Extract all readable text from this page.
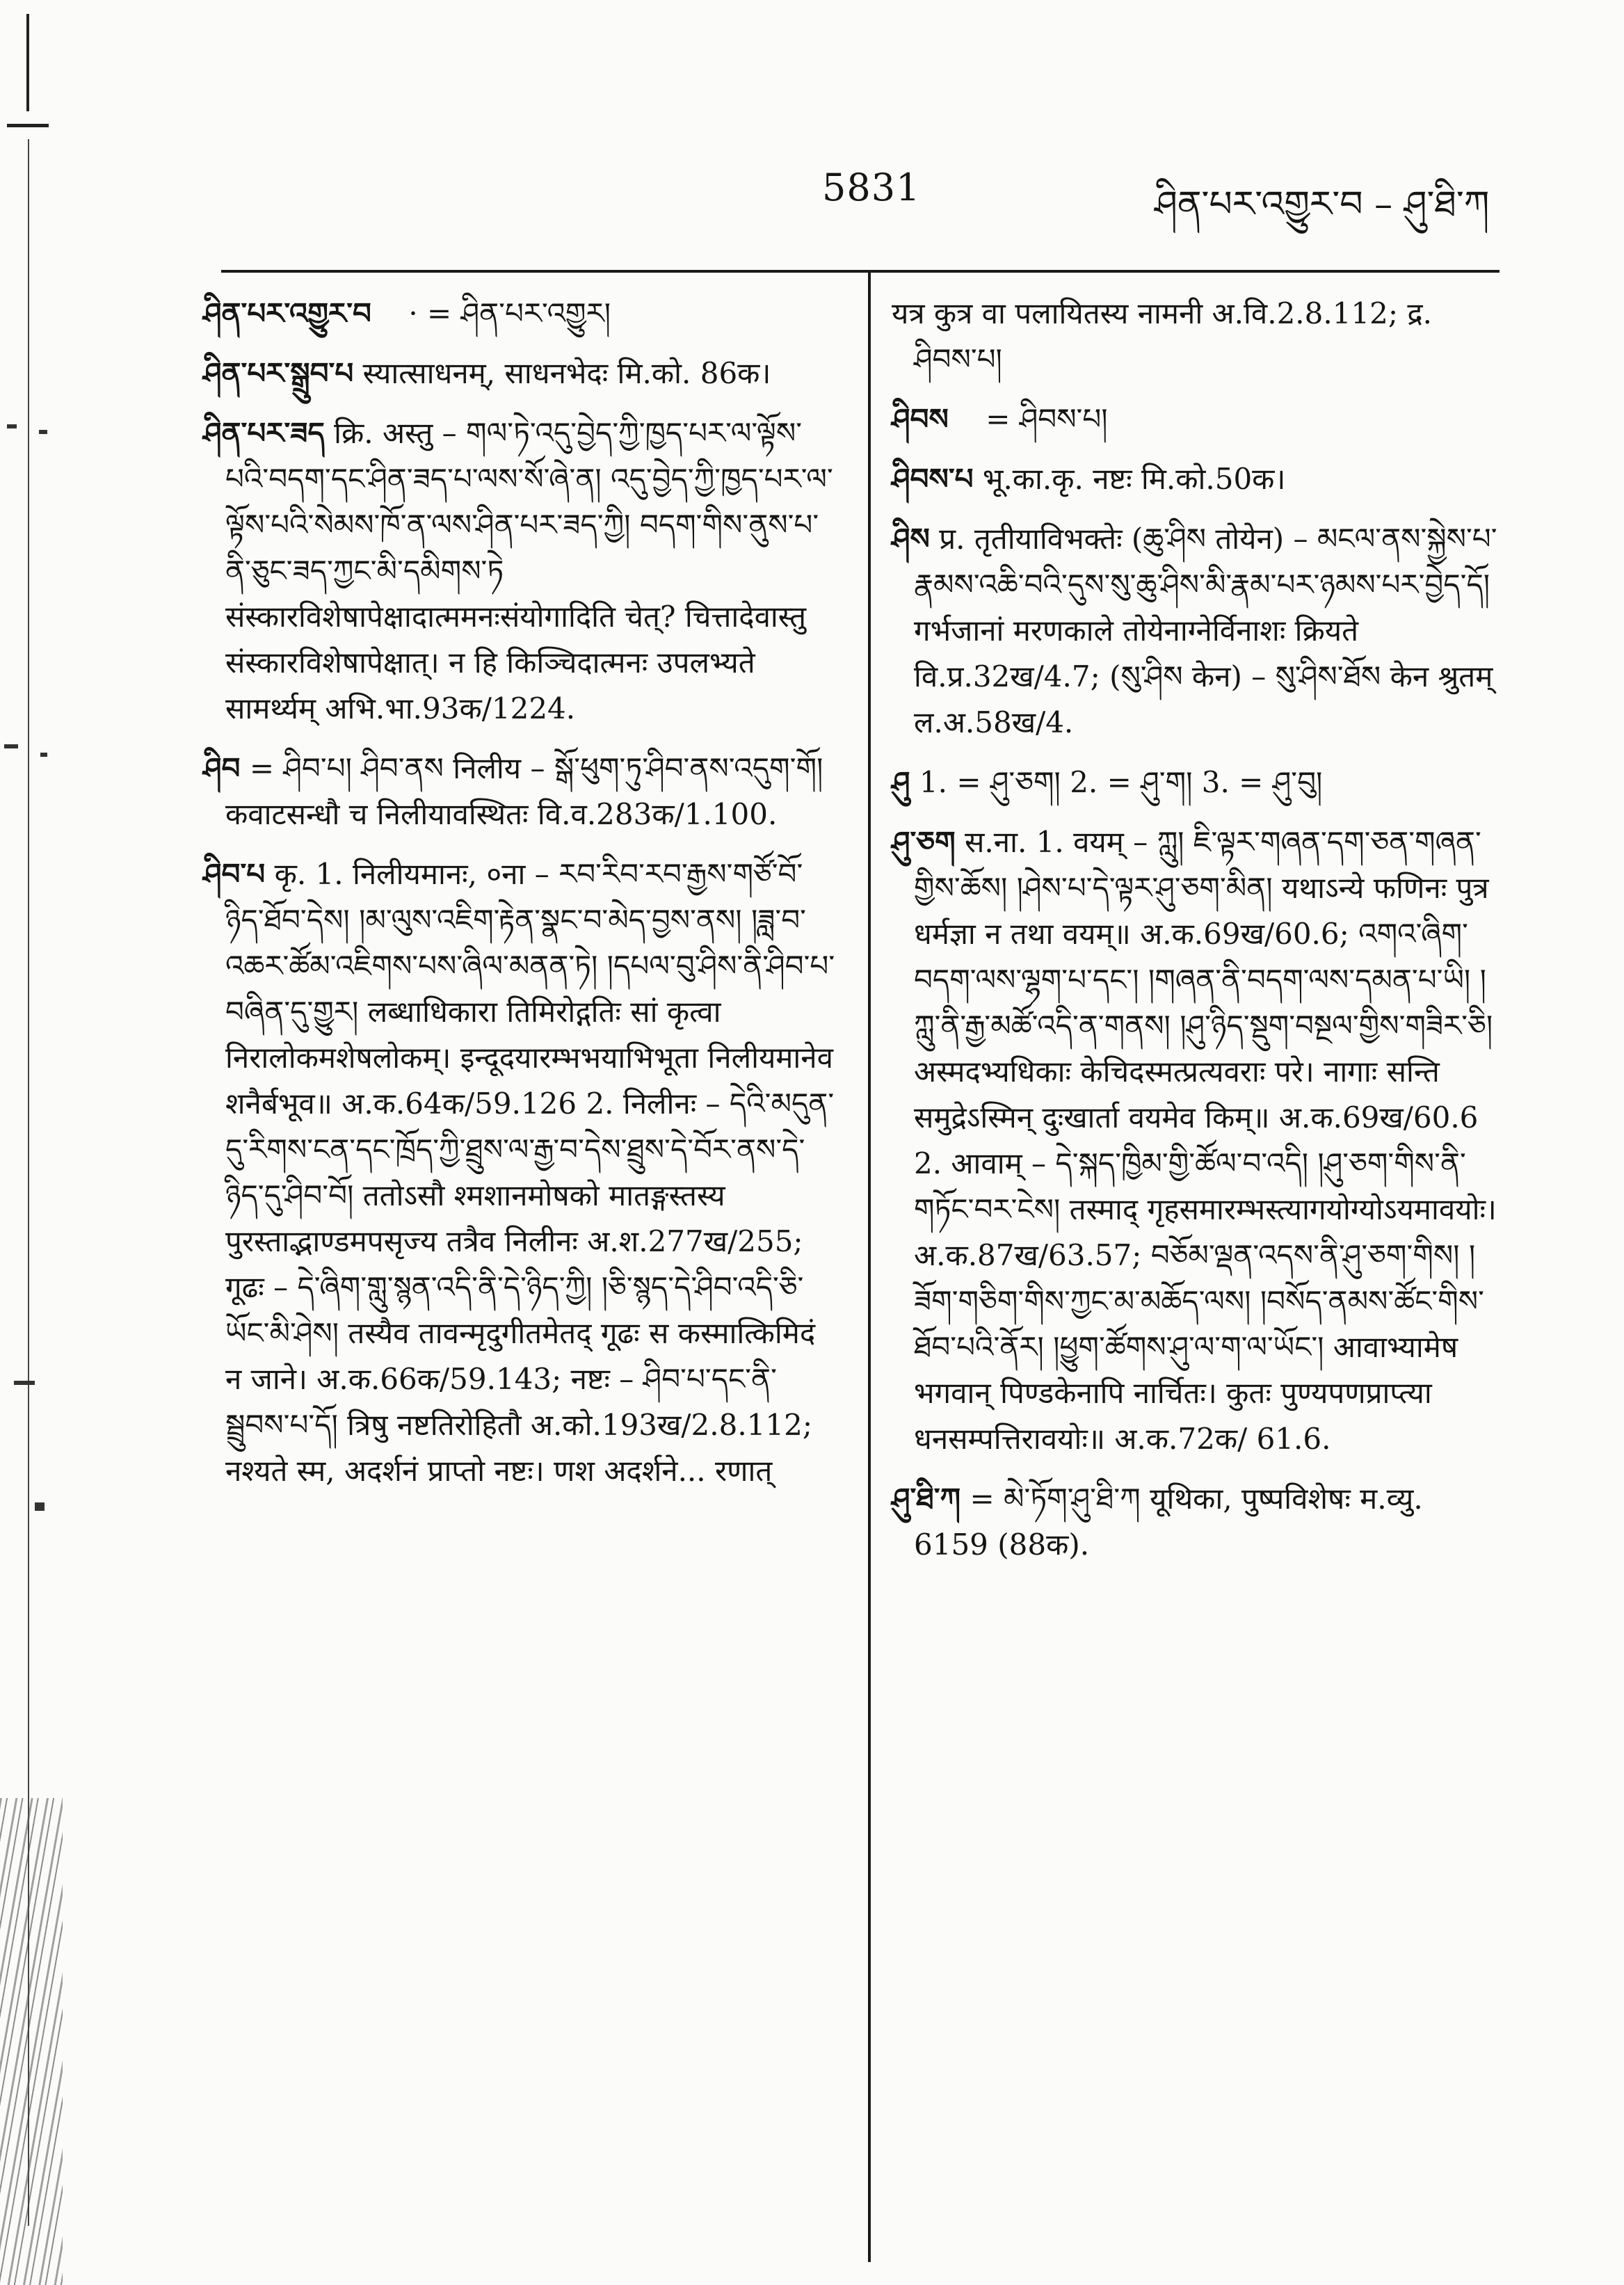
5831	ཤིན་པར་འགྱུར་བ – ཤུ་ཐི་ཀ
ཤིན་པར་འགྱུར་བ · = ཤིན་པར་འགྱུར།
ཤིན་པར་སྒྲུབ་པ स्यात्साधनम्, साधनभेदः मि.को. 86क।
ཤིན་པར་ཟད क्रि. अस्तु – གལ་ཏེ་འདུ་བྱེད་ཀྱི་ཁྱད་པར་ལ་ལྟོས་པའི་བདག་དང་ཤིན་ཟད་པ་ལས་སོ་ཞེ་ན། འདུ་བྱེད་ཀྱི་ཁྱད་པར་ལ་ལྟོས་པའི་སེམས་ཁོ་ན་ལས་ཤིན་པར་ཟད་ཀྱི། བདག་གིས་ནུས་པ་ནི་ཅུང་ཟད་ཀྱང་མི་དམིགས་ཏེ संस्कारविशेषापेक्षादात्ममनःसंयोगादिति चेत्? चित्तादेवास्तु संस्कारविशेषापेक्षात्। न हि किञ्चिदात्मनः उपलभ्यते सामर्थ्यम् अभि.भा.93क/1224.
ཤིབ = ཤིབ་པ། ཤིབ་ནས निलीय – སྒོ་ཕུག་ཏུ་ཤིབ་ནས་འདུག་གོ། कवाटसन्धौ च निलीयावस्थितः वि.व.283क/1.100.
ཤིབ་པ कृ. 1. निलीयमानः, ०ना – རབ་རིབ་རབ་རྒྱས་གཙོ་བོ་ཉིད་ཐོབ་དེས། །མ་ལུས་འཇིག་རྟེན་སྣང་བ་མེད་བྱས་ནས། །ཟླ་བ་འཆར་ཚོམ་འཇིགས་པས་ཞིལ་མནན་ཏེ། །དཔལ་བུ་ཤིས་ནི་ཤིབ་པ་བཞིན་དུ་གྱུར། लब्धाधिकारा तिमिरोद्गतिः सां कृत्वा निरालोकमशेषलोकम्। इन्दूदयारम्भभयाभिभूता निलीयमानेव शनैर्बभूव॥ अ.क.64क/59.126 2. निलीनः – དེའི་མདུན་དུ་རིགས་ངན་དང་ཁྲོད་ཀྱི་ཐྲུས་ལ་རྒྱ་བ་དེས་ཐྲུས་དེ་བོར་ནས་དེ་ཉིད་དུ་ཤིབ་བོ། ततोऽसौ श्मशानमोषको मातङ्गस्तस्य पुरस्ताद्भाण्डमपसृज्य तत्रैव निलीनः अ.श.277ख/255; गूढः – དེ་ཞིག་གླུ་སྙན་འདི་ནི་དེ་ཉིད་ཀྱི། །ཅི་སྙད་དེ་ཤིབ་འདི་ཅི་ཡོང་མི་ཤེས། तस्यैव तावन्मृदुगीतमेतद् गूढः स कस्मात्किमिदं न जाने। अ.क.66क/59.143; नष्टः – ཤིབ་པ་དང་ནི་སྦྲུབས་པ་དོ། त्रिषु नष्टतिरोहितौ अ.को.193ख/2.8.112; नश्यते स्म, अदर्शनं प्राप्तो नष्टः। णश अदर्शने... रणात्
यत्र कुत्र वा पलायितस्य नामनी अ.वि.2.8.112; द्र. ཤིབས་པ།
ཤིབས = ཤིབས་པ།
ཤིབས་པ भू.का.कृ. नष्टः मि.को.50क।
ཤིས प्र. तृतीयाविभक्तेः (ཆུ་ཤིས तोयेन) – མངལ་ནས་སྐྱེས་པ་རྣམས་འཆི་བའི་དུས་སུ་ཆུ་ཤིས་མི་རྣམ་པར་ཉམས་པར་བྱེད་དོ། गर्भजानां मरणकाले तोयेनाग्नेर्विनाशः क्रियते वि.प्र.32ख/4.7; (སུ་ཤིས केन) – སུ་ཤིས་ཐོས केन श्रुतम् ल.अ.58ख/4.
ཤུ 1. = ཤུ་ཅག། 2. = ཤུ་ག། 3. = ཤུ་བུ།
ཤུ་ཅག स.ना. 1. वयम् – ཀླུ། ཇི་ལྟར་གཞན་དག་ཅན་གཞན་གྱིས་ཆོས། །ཤེས་པ་དེ་ལྟར་ཤུ་ཅག་མིན། यथाऽन्ये फणिनः पुत्र धर्मज्ञा न तथा वयम्॥ अ.क.69ख/60.6; འགའ་ཞིག་བདག་ལས་ལྷག་པ་དང་། །གཞན་ནི་བདག་ལས་དམན་པ་ཡི། །ཀླུ་ནི་རྒྱ་མཚོ་འདི་ན་གནས། །ཤུ་ཉིད་སྡུག་བསྔལ་གྱིས་གཟིར་ཅི། अस्मदभ्यधिकाः केचिदस्मत्प्रत्यवराः परे। नागाः सन्ति समुद्रेऽस्मिन् दुःखार्ता वयमेव किम्॥ अ.क.69ख/60.6 2. आवाम् – དེ་སྐད་ཁྱིམ་གྱི་ཚོལ་བ་འདི། །ཤུ་ཅག་གིས་ནི་གཏོང་བར་ངེས། तस्माद् गृहसमारम्भस्त्यागयोग्योऽयमावयोः। अ.क.87ख/63.57; བཅོམ་ལྡན་འདས་ནི་ཤུ་ཅག་གིས། །ཟོག་གཅིག་གིས་ཀྱང་མ་མཆོད་ལས། །བསོད་ནམས་ཚོང་གིས་ཐོབ་པའི་ནོར། །ཕྱུག་ཚོགས་ཤུ་ལ་ག་ལ་ཡོང་། आवाभ्यामेष भगवान् पिण्डकेनापि नार्चितः। कुतः पुण्यपणप्राप्त्या धनसम्पत्तिरावयोः॥ अ.क.72क/ 61.6.
ཤུ་ཐི་ཀ = མེ་ཏོག་ཤུ་ཐི་ཀ यूथिका, पुष्पविशेषः म.व्यु. 6159 (88क).
